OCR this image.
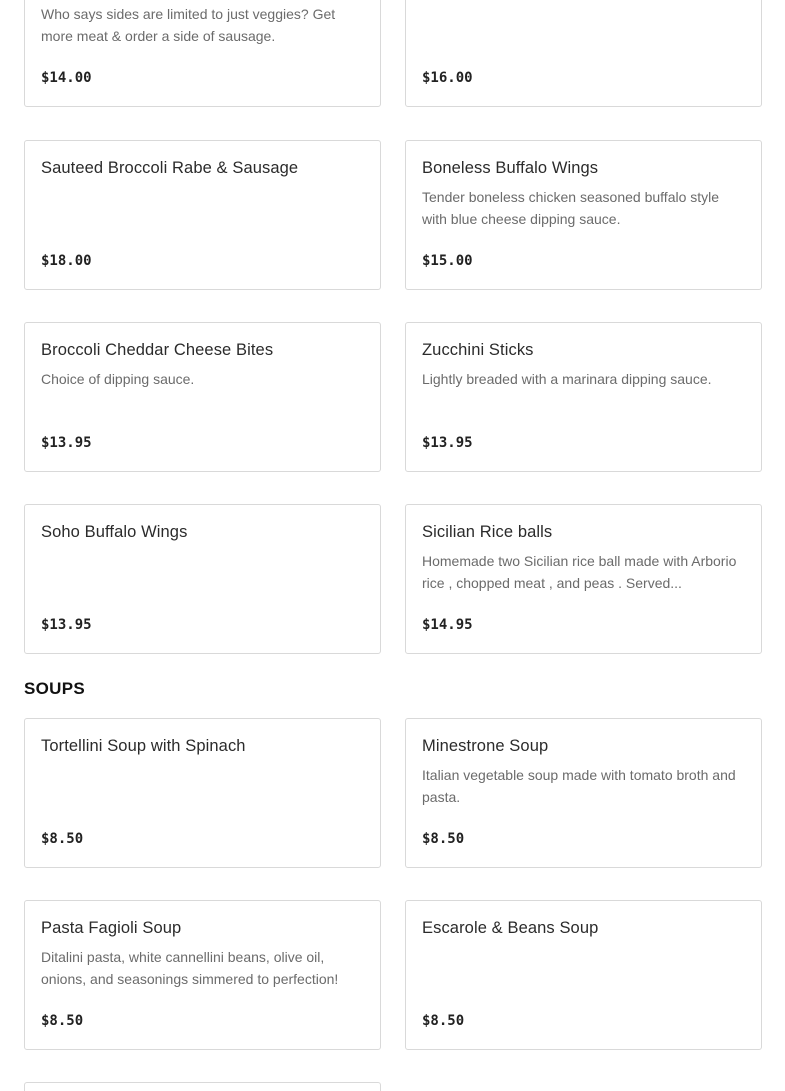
Who says sides are limited to just veggies? Get more meat & order a side of sausage.
$14.00	$16.00
Sauteed Broccoli Rabe & Sausage
$18.00
Boneless Buffalo Wings
Tender boneless chicken seasoned buffalo style with blue cheese dipping sauce.
$15.00
Broccoli Cheddar Cheese Bites
Choice of dipping sauce.
$13.95
Zucchini Sticks
Lightly breaded with a marinara dipping sauce.
$13.95
Soho Buffalo Wings
$13.95
Sicilian Rice balls
Homemade two Sicilian rice ball made with Arborio rice , chopped meat , and peas . Served...
$14.95
SOUPS
Tortellini Soup with Spinach
$8.50
Minestrone Soup
Italian vegetable soup made with tomato broth and pasta.
$8.50
Pasta Fagioli Soup
Ditalini pasta, white cannellini beans, olive oil, onions, and seasonings simmered to perfection!
$8.50
Escarole & Beans Soup
$8.50
